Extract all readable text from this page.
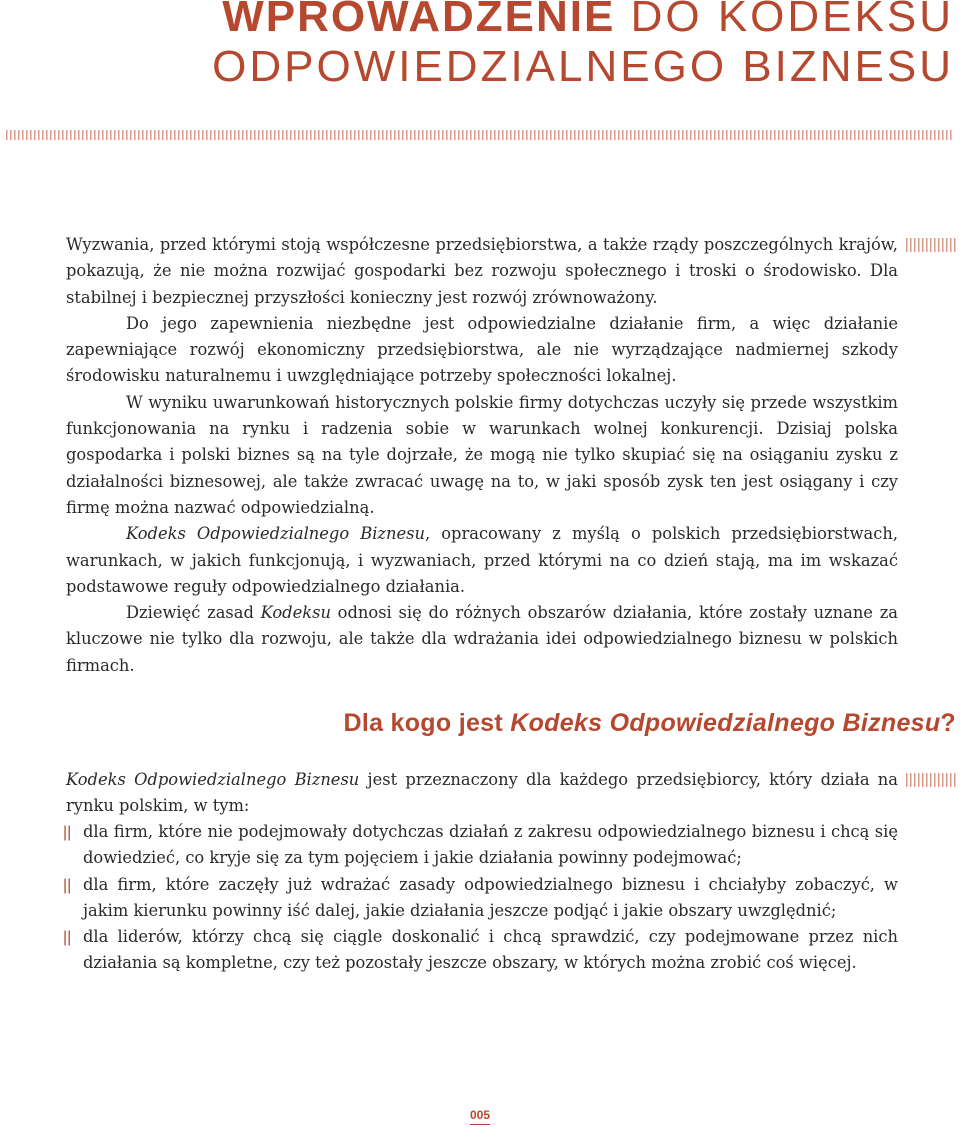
WPROWADZENIE DO KODEKSU
ODPOWIEDZIALNEGO BIZNESU

Wyzwania, przed którymi stoją współczesne przedsiębiorstwa, a także rządy poszczególnych krajów, pokazują, że nie można rozwijać gospodarki bez rozwoju społecznego i troski o środowisko. Dla stabilnej i bezpiecznej przyszłości konieczny jest rozwój zrównoważony.

Do jego zapewnienia niezbędne jest odpowiedzialne działanie firm, a więc działanie zapewniające rozwój ekonomiczny przedsiębiorstwa, ale nie wyrządzające nadmiernej szkody środowisku naturalnemu i uwzględniające potrzeby społeczności lokalnej.

W wyniku uwarunkowań historycznych polskie firmy dotychczas uczyły się przede wszystkim funkcjonowania na rynku i radzenia sobie w warunkach wolnej konkurencji. Dzisiaj polska gospodarka i polski biznes są na tyle dojrzałe, że mogą nie tylko skupiać się na osiąganiu zysku z działalności biznesowej, ale także zwracać uwagę na to, w jaki sposób zysk ten jest osiągany i czy firmę można nazwać odpowiedzialną.

Kodeks Odpowiedzialnego Biznesu, opracowany z myślą o polskich przedsiębiorstwach, warunkach, w jakich funkcjonują, i wyzwaniach, przed którymi na co dzień stają, ma im wskazać podstawowe reguły odpowiedzialnego działania.

Dziewięć zasad Kodeksu odnosi się do różnych obszarów działania, które zostały uznane za kluczowe nie tylko dla rozwoju, ale także dla wdrażania idei odpowiedzialnego biznesu w polskich firmach.

Dla kogo jest Kodeks Odpowiedzialnego Biznesu?

Kodeks Odpowiedzialnego Biznesu jest przeznaczony dla każdego przedsiębiorcy, który działa na rynku polskim, w tym:

|| dla firm, które nie podejmowały dotychczas działań z zakresu odpowiedzialnego biznesu i chcą się dowiedzieć, co kryje się za tym pojęciem i jakie działania powinny podejmować;
|| dla firm, które zaczęły już wdrażać zasady odpowiedzialnego biznesu i chciałyby zobaczyć, w jakim kierunku powinny iść dalej, jakie działania jeszcze podjąć i jakie obszary uwzględnić;
|| dla liderów, którzy chcą się ciągle doskonalić i chcą sprawdzić, czy podejmowane przez nich działania są kompletne, czy też pozostały jeszcze obszary, w których można zrobić coś więcej.
005
